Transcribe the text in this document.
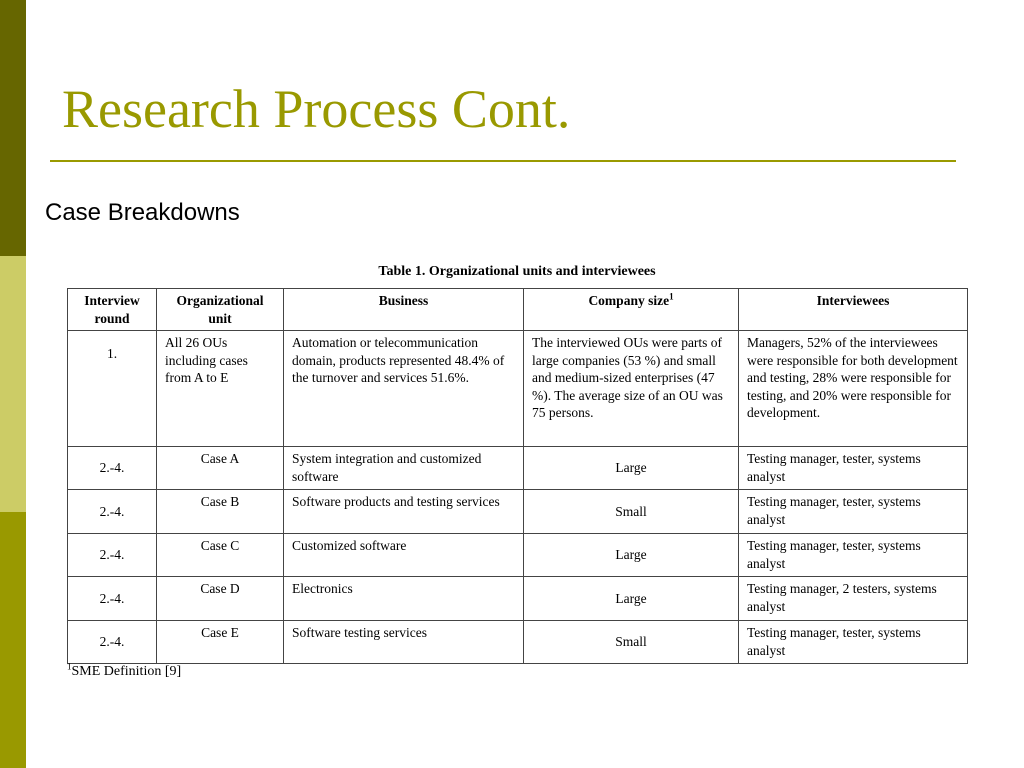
Research Process Cont.
Case Breakdowns
Table 1. Organizational units and interviewees
Interview round	Organizational unit	Business	Company size$^1$	Interviewees
1.	All 26 OUs including cases from A to E	Automation or telecommunication domain, products represented 48.4% of the turnover and services 51.6%.	The interviewed OUs were parts of large companies (53 %) and small and medium-sized enterprises (47 %). The average size of an OU was 75 persons.	Managers, 52% of the interviewees were responsible for both development and testing, 28% were responsible for testing, and 20% were responsible for development.
2.-4.	Case A	System integration and customized software	Large	Testing manager, tester, systems analyst
2.-4.	Case B	Software products and testing services	Small	Testing manager, tester, systems analyst
2.-4.	Case C	Customized software	Large	Testing manager, tester, systems analyst
2.-4.	Case D	Electronics	Large	Testing manager, 2 testers, systems analyst
2.-4.	Case E	Software testing services	Small	Testing manager, tester, systems analyst
$^1$SME Definition [9]
